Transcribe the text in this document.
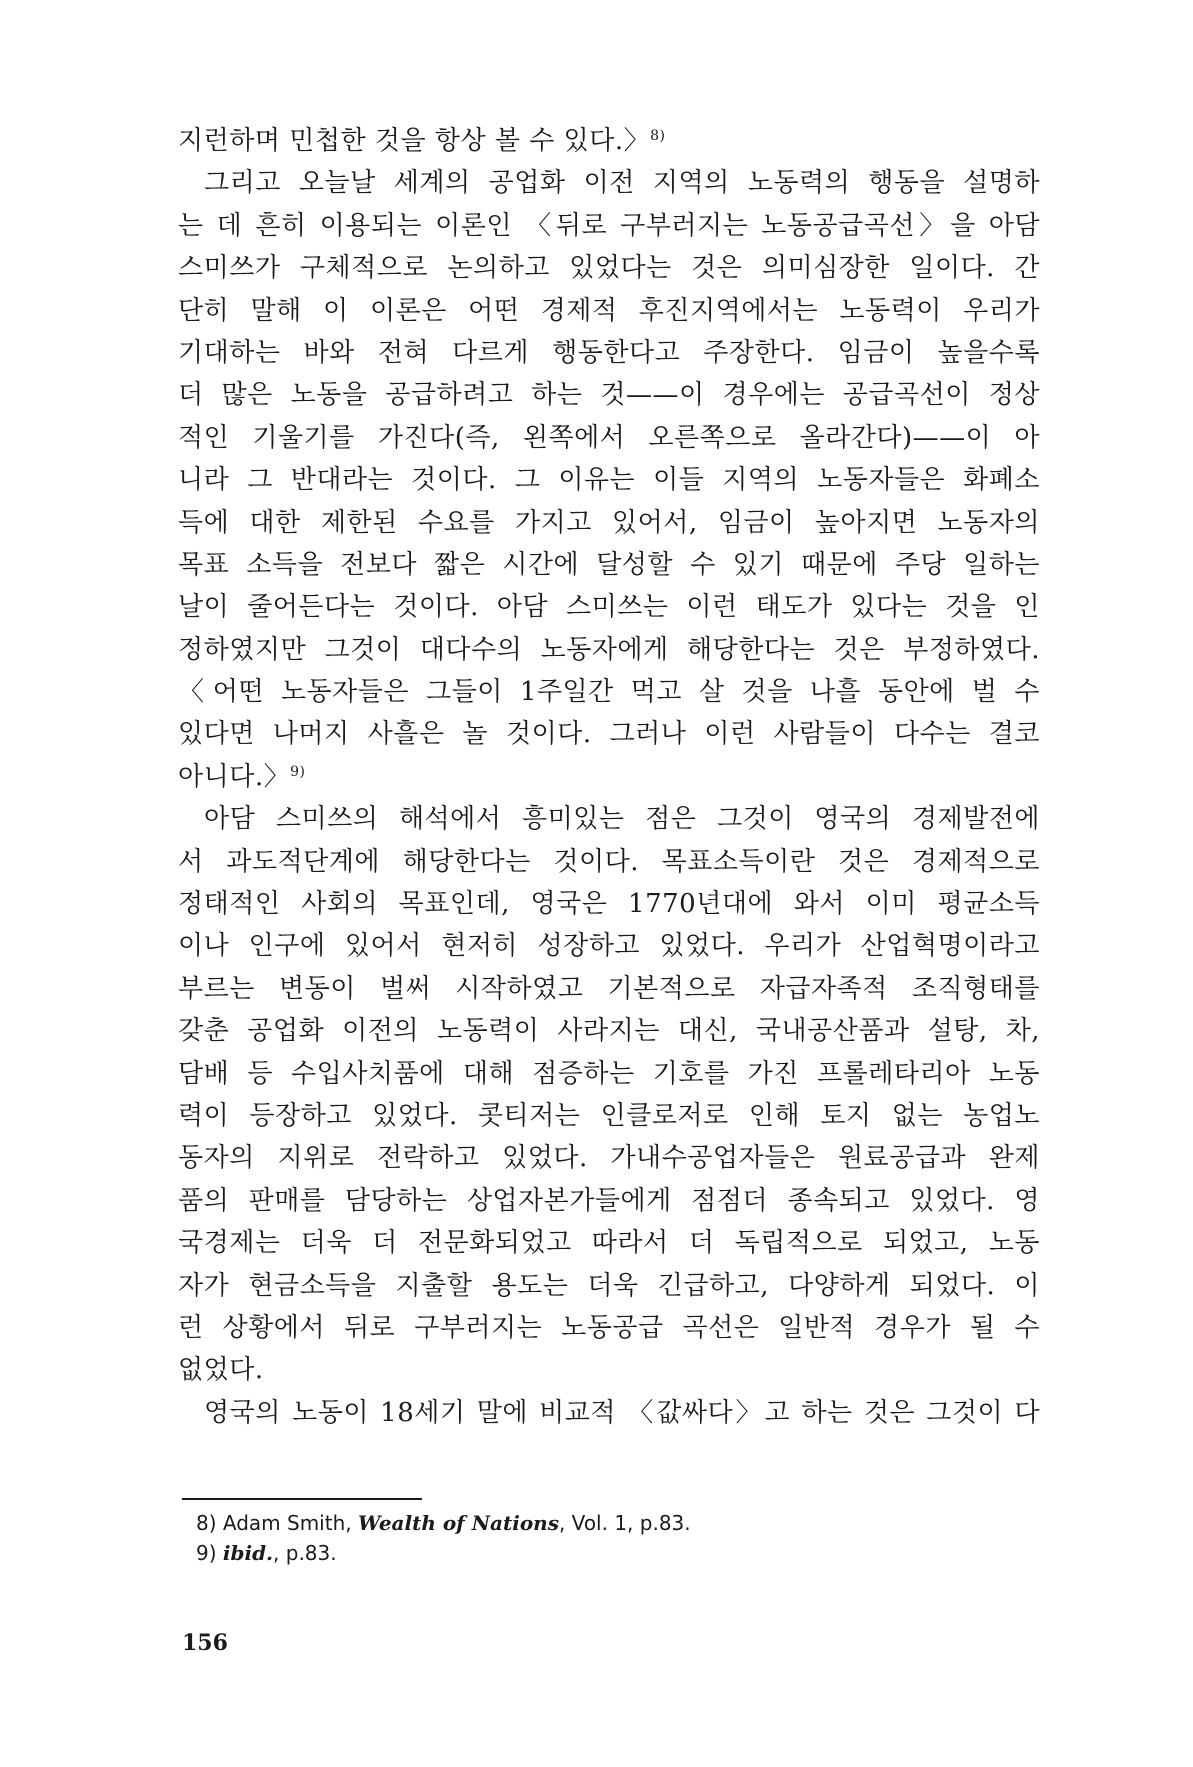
지런하며 민첩한 것을 항상 볼 수 있다.〉$^{8)}$
그리고 오늘날 세계의 공업화 이전 지역의 노동력의 행동을 설명하
는 데 흔히 이용되는 이론인 〈뒤로 구부러지는 노동공급곡선〉을 아담
스미쓰가 구체적으로 논의하고 있었다는 것은 의미심장한 일이다. 간
단히 말해 이 이론은 어떤 경제적 후진지역에서는 노동력이 우리가
기대하는 바와 전혀 다르게 행동한다고 주장한다. 임금이 높을수록
더 많은 노동을 공급하려고 하는 것——이 경우에는 공급곡선이 정상
적인 기울기를 가진다(즉, 왼쪽에서 오른쪽으로 올라간다)——이 아
니라 그 반대라는 것이다. 그 이유는 이들 지역의 노동자들은 화폐소
득에 대한 제한된 수요를 가지고 있어서, 임금이 높아지면 노동자의
목표 소득을 전보다 짧은 시간에 달성할 수 있기 때문에 주당 일하는
날이 줄어든다는 것이다. 아담 스미쓰는 이런 태도가 있다는 것을 인
정하였지만 그것이 대다수의 노동자에게 해당한다는 것은 부정하였다.
〈어떤 노동자들은 그들이 1주일간 먹고 살 것을 나흘 동안에 벌 수
있다면 나머지 사흘은 놀 것이다. 그러나 이런 사람들이 다수는 결코
아니다.〉$^{9)}$
아담 스미쓰의 해석에서 흥미있는 점은 그것이 영국의 경제발전에
서 과도적단계에 해당한다는 것이다. 목표소득이란 것은 경제적으로
정태적인 사회의 목표인데, 영국은 1770년대에 와서 이미 평균소득
이나 인구에 있어서 현저히 성장하고 있었다. 우리가 산업혁명이라고
부르는 변동이 벌써 시작하였고 기본적으로 자급자족적 조직형태를
갖춘 공업화 이전의 노동력이 사라지는 대신, 국내공산품과 설탕, 차,
담배 등 수입사치품에 대해 점증하는 기호를 가진 프롤레타리아 노동
력이 등장하고 있었다. 콧티저는 인클로저로 인해 토지 없는 농업노
동자의 지위로 전락하고 있었다. 가내수공업자들은 원료공급과 완제
품의 판매를 담당하는 상업자본가들에게 점점더 종속되고 있었다. 영
국경제는 더욱 더 전문화되었고 따라서 더 독립적으로 되었고, 노동
자가 현금소득을 지출할 용도는 더욱 긴급하고, 다양하게 되었다. 이
런 상황에서 뒤로 구부러지는 노동공급 곡선은 일반적 경우가 될 수
없었다.
영국의 노동이 18세기 말에 비교적 〈값싸다〉고 하는 것은 그것이 다
8) Adam Smith, Wealth of Nations, Vol. 1, p.83.
9) ibid., p.83.
156
